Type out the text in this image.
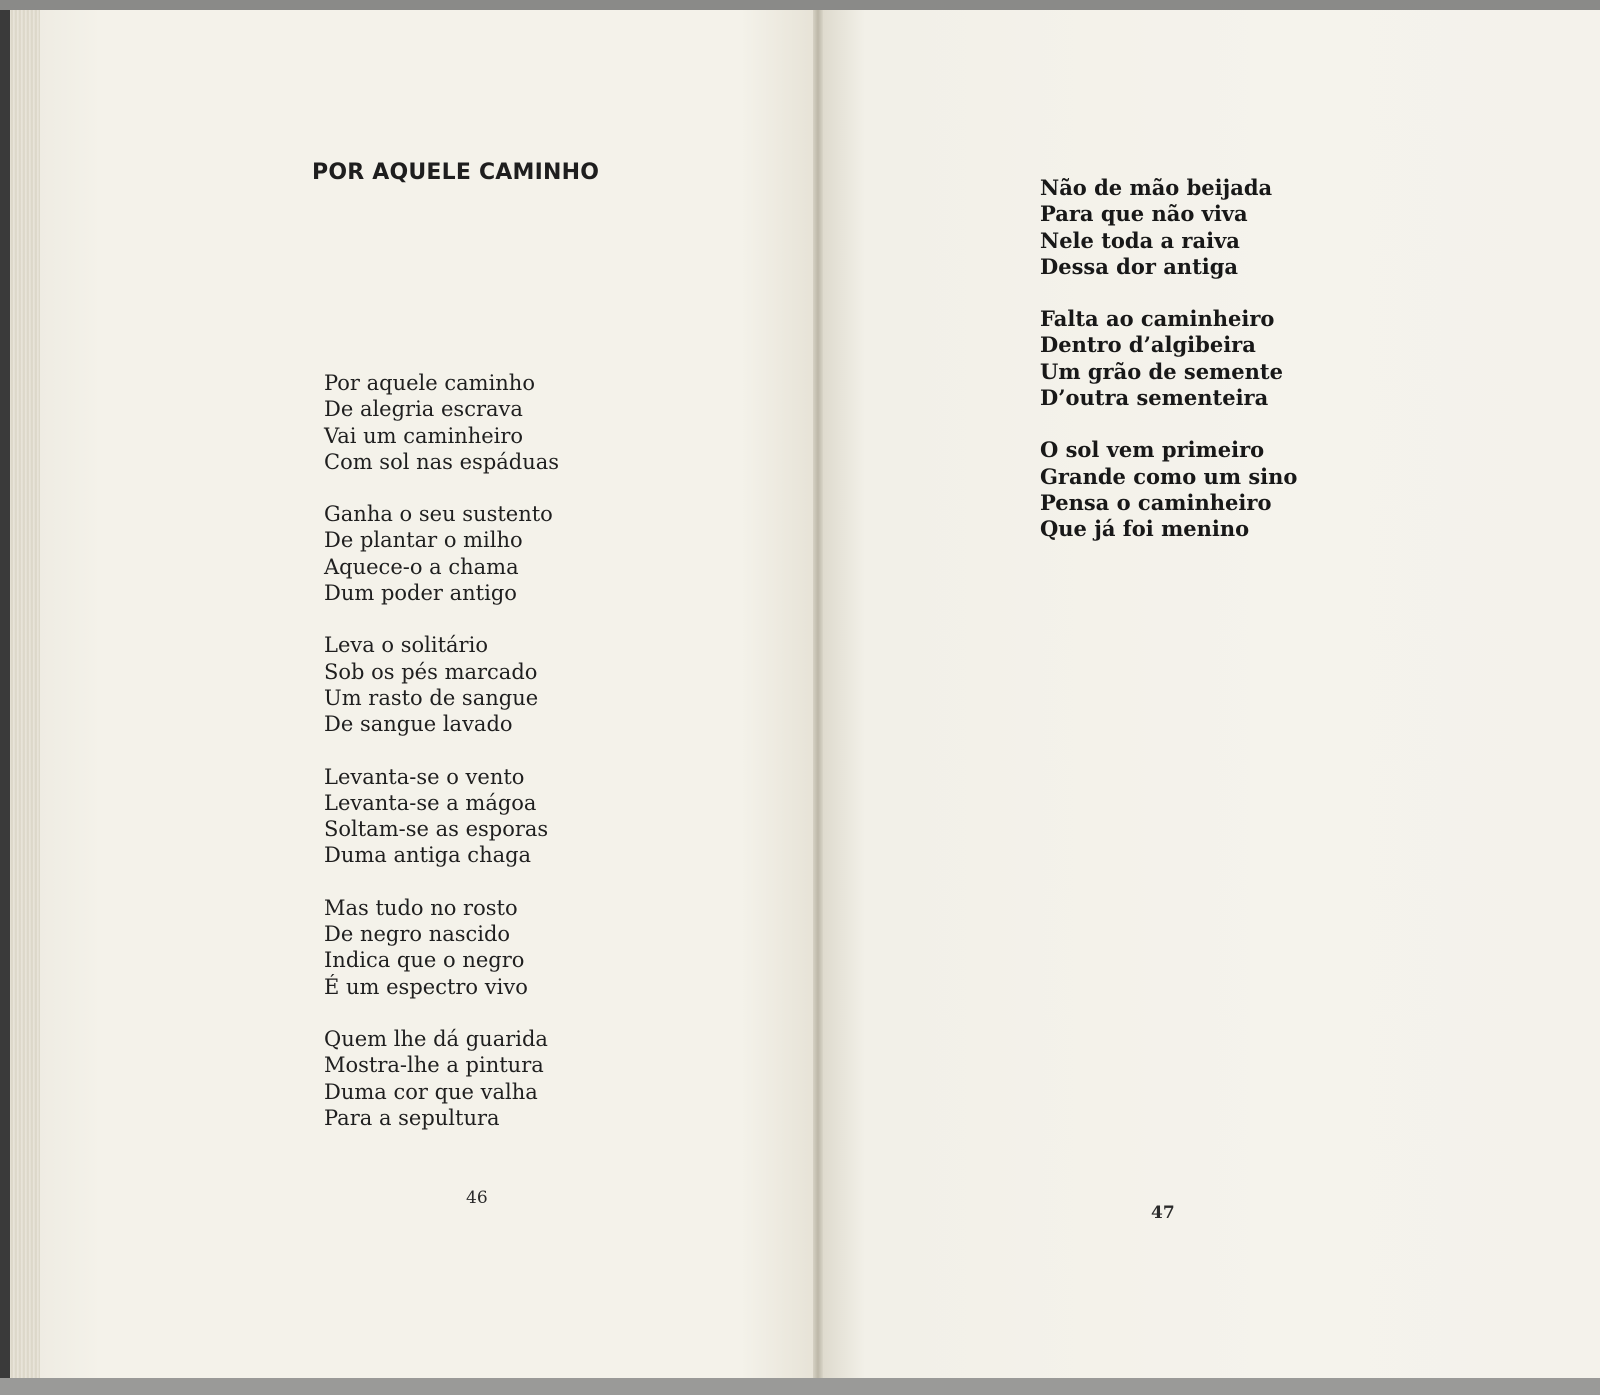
POR AQUELE CAMINHO
Por aquele caminho
De alegria escrava
Vai um caminheiro
Com sol nas espáduas
Ganha o seu sustento
De plantar o milho
Aquece-o a chama
Dum poder antigo
Leva o solitário
Sob os pés marcado
Um rasto de sangue
De sangue lavado
Levanta-se o vento
Levanta-se a mágoa
Soltam-se as esporas
Duma antiga chaga
Mas tudo no rosto
De negro nascido
Indica que o negro
É um espectro vivo
Quem lhe dá guarida
Mostra-lhe a pintura
Duma cor que valha
Para a sepultura
46
Não de mão beijada
Para que não viva
Nele toda a raiva
Dessa dor antiga
Falta ao caminheiro
Dentro d’algibeira
Um grão de semente
D’outra sementeira
O sol vem primeiro
Grande como um sino
Pensa o caminheiro
Que já foi menino
47
